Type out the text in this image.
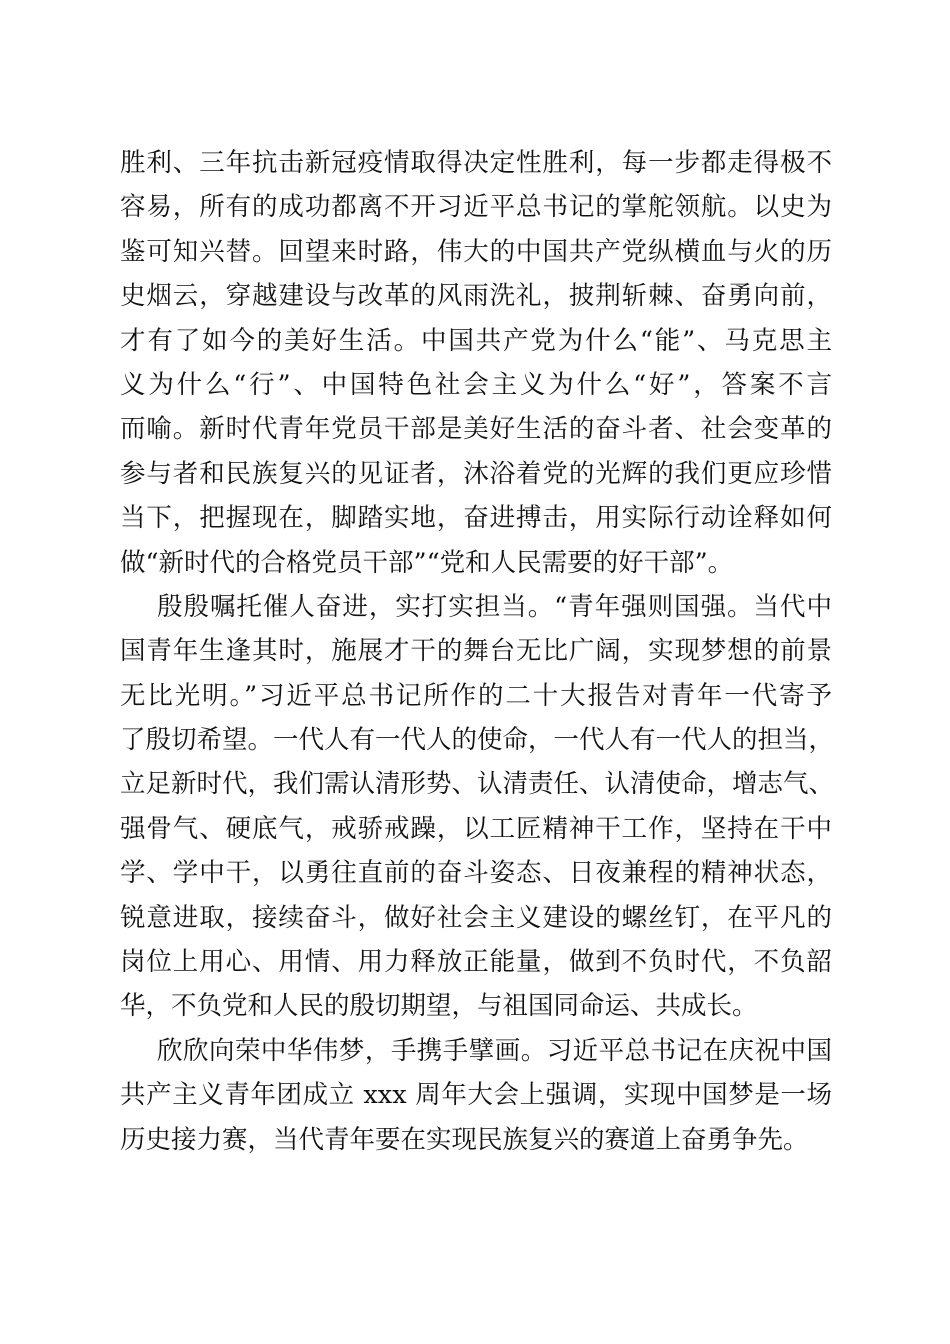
胜利、三年抗击新冠疫情取得决定性胜利，每一步都走得极不
容易，所有的成功都离不开习近平总书记的掌舵领航。以史为
鉴可知兴替。回望来时路，伟大的中国共产党纵横血与火的历
史烟云，穿越建设与改革的风雨洗礼，披荆斩棘、奋勇向前，
才有了如今的美好生活。中国共产党为什么“能”、马克思主
义为什么“行”、中国特色社会主义为什么“好”，答案不言
而喻。新时代青年党员干部是美好生活的奋斗者、社会变革的
参与者和民族复兴的见证者，沐浴着党的光辉的我们更应珍惜
当下，把握现在，脚踏实地，奋进搏击，用实际行动诠释如何
做“新时代的合格党员干部”“党和人民需要的好干部”。
殷殷嘱托催人奋进，实打实担当。“青年强则国强。当代中
国青年生逢其时，施展才干的舞台无比广阔，实现梦想的前景
无比光明。”习近平总书记所作的二十大报告对青年一代寄予
了殷切希望。一代人有一代人的使命，一代人有一代人的担当，
立足新时代，我们需认清形势、认清责任、认清使命，增志气、
强骨气、硬底气，戒骄戒躁，以工匠精神干工作，坚持在干中
学、学中干，以勇往直前的奋斗姿态、日夜兼程的精神状态，
锐意进取，接续奋斗，做好社会主义建设的螺丝钉，在平凡的
岗位上用心、用情、用力释放正能量，做到不负时代，不负韶
华，不负党和人民的殷切期望，与祖国同命运、共成长。
欣欣向荣中华伟梦，手携手擘画。习近平总书记在庆祝中国
共产主义青年团成立 xxx 周年大会上强调，实现中国梦是一场
历史接力赛，当代青年要在实现民族复兴的赛道上奋勇争先。
